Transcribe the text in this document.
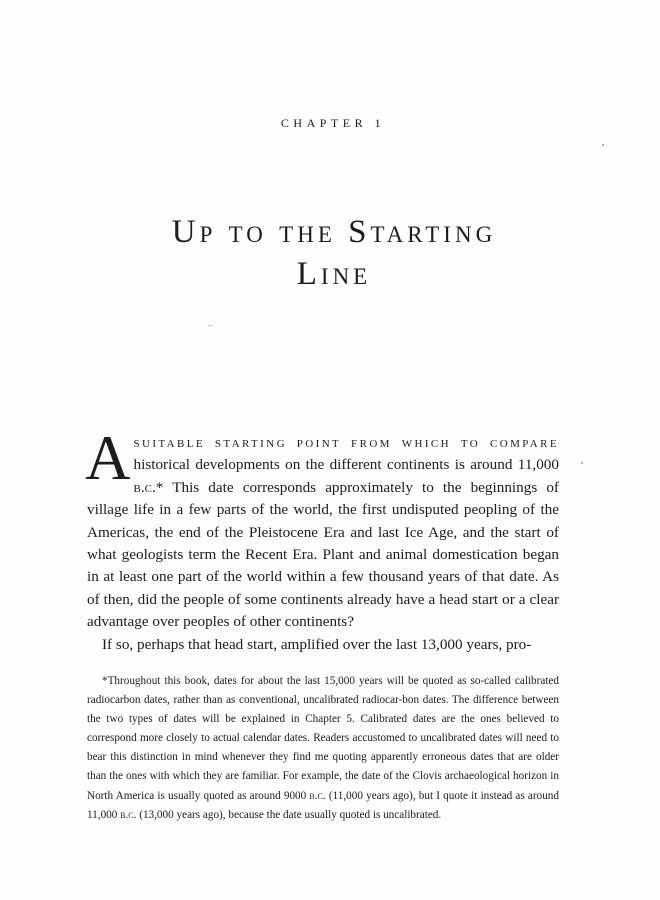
CHAPTER 1
Up to the Starting
Line

Asuitable starting point from which to compare historical developments on the different continents is around 11,000 b.c.* This date corresponds approximately to the beginnings of village life in a few parts of the world, the first undisputed peopling of the Americas, the end of the Pleistocene Era and last Ice Age, and the start of what geologists term the Recent Era. Plant and animal domestication began in at least one part of the world within a few thousand years of that date. As of then, did the people of some continents already have a head start or a clear advantage over peoples of other continents?

If so, perhaps that head start, amplified over the last 13,000 years, pro-

*Throughout this book, dates for about the last 15,000 years will be quoted as so-called calibrated radiocarbon dates, rather than as conventional, uncalibrated radiocar-bon dates. The difference between the two types of dates will be explained in Chapter 5. Calibrated dates are the ones believed to correspond more closely to actual calendar dates. Readers accustomed to uncalibrated dates will need to bear this distinction in mind whenever they find me quoting apparently erroneous dates that are older than the ones with which they are familiar. For example, the date of the Clovis archaeological horizon in North America is usually quoted as around 9000 b.c. (11,000 years ago), but I quote it instead as around 11,000 b.c. (13,000 years ago), because the date usually quoted is uncalibrated.
